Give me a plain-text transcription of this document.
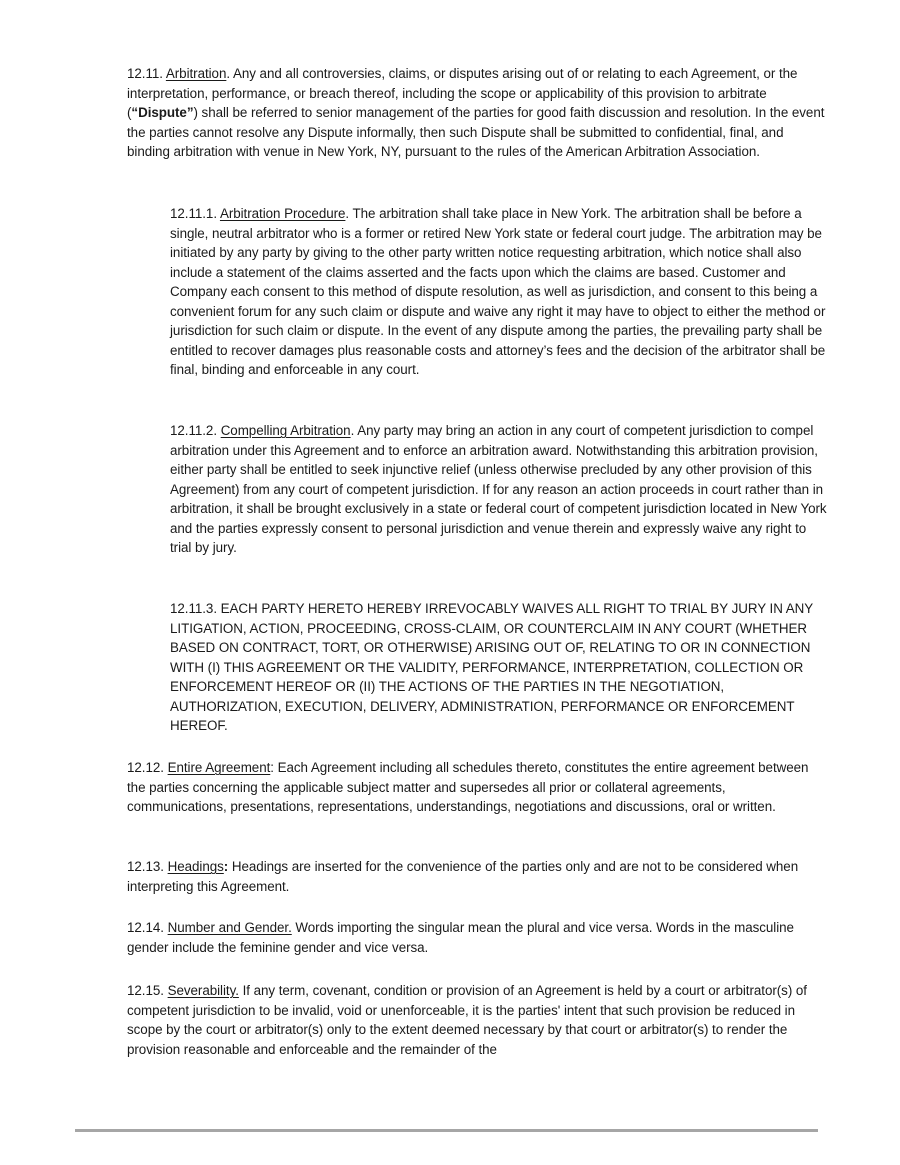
12.11. Arbitration. Any and all controversies, claims, or disputes arising out of or relating to each Agreement, or the interpretation, performance, or breach thereof, including the scope or applicability of this provision to arbitrate (“Dispute”) shall be referred to senior management of the parties for good faith discussion and resolution. In the event the parties cannot resolve any Dispute informally, then such Dispute shall be submitted to confidential, final, and binding arbitration with venue in New York, NY, pursuant to the rules of the American Arbitration Association.

12.11.1. Arbitration Procedure. The arbitration shall take place in New York. The arbitration shall be before a single, neutral arbitrator who is a former or retired New York state or federal court judge. The arbitration may be initiated by any party by giving to the other party written notice requesting arbitration, which notice shall also include a statement of the claims asserted and the facts upon which the claims are based. Customer and Company each consent to this method of dispute resolution, as well as jurisdiction, and consent to this being a convenient forum for any such claim or dispute and waive any right it may have to object to either the method or jurisdiction for such claim or dispute. In the event of any dispute among the parties, the prevailing party shall be entitled to recover damages plus reasonable costs and attorney’s fees and the decision of the arbitrator shall be final, binding and enforceable in any court.

12.11.2. Compelling Arbitration. Any party may bring an action in any court of competent jurisdiction to compel arbitration under this Agreement and to enforce an arbitration award. Notwithstanding this arbitration provision, either party shall be entitled to seek injunctive relief (unless otherwise precluded by any other provision of this Agreement) from any court of competent jurisdiction. If for any reason an action proceeds in court rather than in arbitration, it shall be brought exclusively in a state or federal court of competent jurisdiction located in New York and the parties expressly consent to personal jurisdiction and venue therein and expressly waive any right to trial by jury.

12.11.3. EACH PARTY HERETO HEREBY IRREVOCABLY WAIVES ALL RIGHT TO TRIAL BY JURY IN ANY LITIGATION, ACTION, PROCEEDING, CROSS-CLAIM, OR COUNTERCLAIM IN ANY COURT (WHETHER BASED ON CONTRACT, TORT, OR OTHERWISE) ARISING OUT OF, RELATING TO OR IN CONNECTION WITH (I) THIS AGREEMENT OR THE VALIDITY, PERFORMANCE, INTERPRETATION, COLLECTION OR ENFORCEMENT HEREOF OR (II) THE ACTIONS OF THE PARTIES IN THE NEGOTIATION, AUTHORIZATION, EXECUTION, DELIVERY, ADMINISTRATION, PERFORMANCE OR ENFORCEMENT HEREOF.

12.12. Entire Agreement: Each Agreement including all schedules thereto, constitutes the entire agreement between the parties concerning the applicable subject matter and supersedes all prior or collateral agreements, communications, presentations, representations, understandings, negotiations and discussions, oral or written.

12.13. Headings: Headings are inserted for the convenience of the parties only and are not to be considered when interpreting this Agreement.

12.14. Number and Gender. Words importing the singular mean the plural and vice versa. Words in the masculine gender include the feminine gender and vice versa.

12.15. Severability. If any term, covenant, condition or provision of an Agreement is held by a court or arbitrator(s) of competent jurisdiction to be invalid, void or unenforceable, it is the parties' intent that such provision be reduced in scope by the court or arbitrator(s) only to the extent deemed necessary by that court or arbitrator(s) to render the provision reasonable and enforceable and the remainder of the
